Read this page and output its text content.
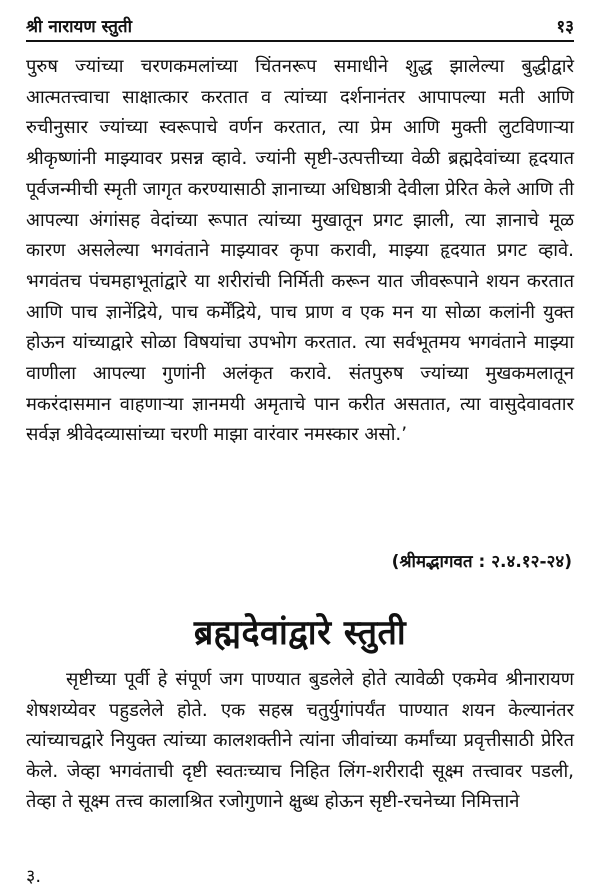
श्री नारायण स्तुती	१३

पुरुष ज्यांच्या चरणकमलांच्या चिंतनरूप समाधीने शुद्ध झालेल्या बुद्धीद्वारे आत्मतत्त्वाचा साक्षात्कार करतात व त्यांच्या दर्शनानंतर आपापल्या मती आणि रुचीनुसार ज्यांच्या स्वरूपाचे वर्णन करतात, त्या प्रेम आणि मुक्ती लुटविणाऱ्या श्रीकृष्णांनी माझ्यावर प्रसन्न व्हावे. ज्यांनी सृष्टी-उत्पत्तीच्या वेळी ब्रह्मदेवांच्या हृदयात पूर्वजन्मीची स्मृती जागृत करण्यासाठी ज्ञानाच्या अधिष्ठात्री देवीला प्रेरित केले आणि ती आपल्या अंगांसह वेदांच्या रूपात त्यांच्या मुखातून प्रगट झाली, त्या ज्ञानाचे मूळ कारण असलेल्या भगवंताने माझ्यावर कृपा करावी, माझ्या हृदयात प्रगट व्हावे. भगवंतच पंचमहाभूतांद्वारे या शरीरांची निर्मिती करून यात जीवरूपाने शयन करतात आणि पाच ज्ञानेंद्रिये, पाच कर्मेंद्रिये, पाच प्राण व एक मन या सोळा कलांनी युक्त होऊन यांच्याद्वारे सोळा विषयांचा उपभोग करतात. त्या सर्वभूतमय भगवंताने माझ्या वाणीला आपल्या गुणांनी अलंकृत करावे. संतपुरुष ज्यांच्या मुखकमलातून मकरंदासमान वाहणाऱ्या ज्ञानमयी अमृताचे पान करीत असतात, त्या वासुदेवावतार सर्वज्ञ श्रीवेदव्यासांच्या चरणी माझा वारंवार नमस्कार असो.’

(श्रीमद्भागवत : २.४.१२-२४)
ब्रह्मदेवांद्वारे स्तुती

सृष्टीच्या पूर्वी हे संपूर्ण जग पाण्यात बुडलेले होते त्यावेळी एकमेव श्रीनारायण शेषशय्येवर पहुडलेले होते. एक सहस्र चतुर्युगांपर्यंत पाण्यात शयन केल्यानंतर त्यांच्याचद्वारे नियुक्त त्यांच्या कालशक्तीने त्यांना जीवांच्या कर्मांच्या प्रवृत्तीसाठी प्रेरित केले. जेव्हा भगवंताची दृष्टी स्वतःच्याच निहित लिंग-शरीरादी सूक्ष्म तत्त्वावर पडली, तेव्हा ते सूक्ष्म तत्त्व कालाश्रित रजोगुणाने क्षुब्ध होऊन सृष्टी-रचनेच्या निमित्ताने

३.
